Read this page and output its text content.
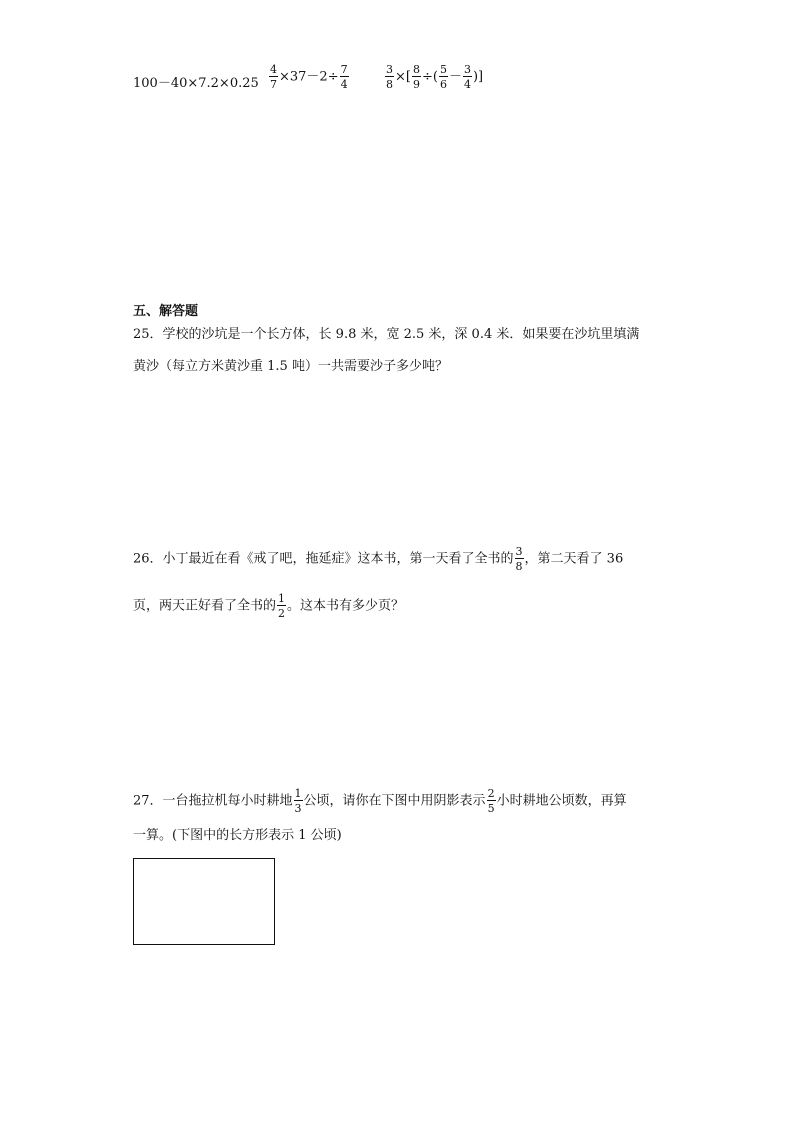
$100-40\times 7.2\times 0.25 \frac{4}{7} \times 37-2\div \frac{7}{4}$	$\frac{3}{8}$ ×[ $\frac{8}{9}$ ÷( $\frac{5}{6} - \frac{3}{4}$ )]
五、解答题
25．学校的沙坑是一个长方体，长 9.8 米，宽 2.5 米，深 0.4 米．如果要在沙坑里填满
黄沙（每立方米黄沙重 1.5 吨）一共需要沙子多少吨？
26．小丁最近在看《戒了吧，拖延症》这本书，第一天看了全书的 $\frac{3}{8}$ ，第二天看了 36
页，两天正好看了全书的 $\frac{1}{2}$ 。这本书有多少页？
27．一台拖拉机每小时耕地 $\frac{1}{3}$ 公顷，请你在下图中用阴影表示 $\frac{2}{5}$ 小时耕地公顷数，再算
一算。(下图中的长方形表示 1 公顷)
